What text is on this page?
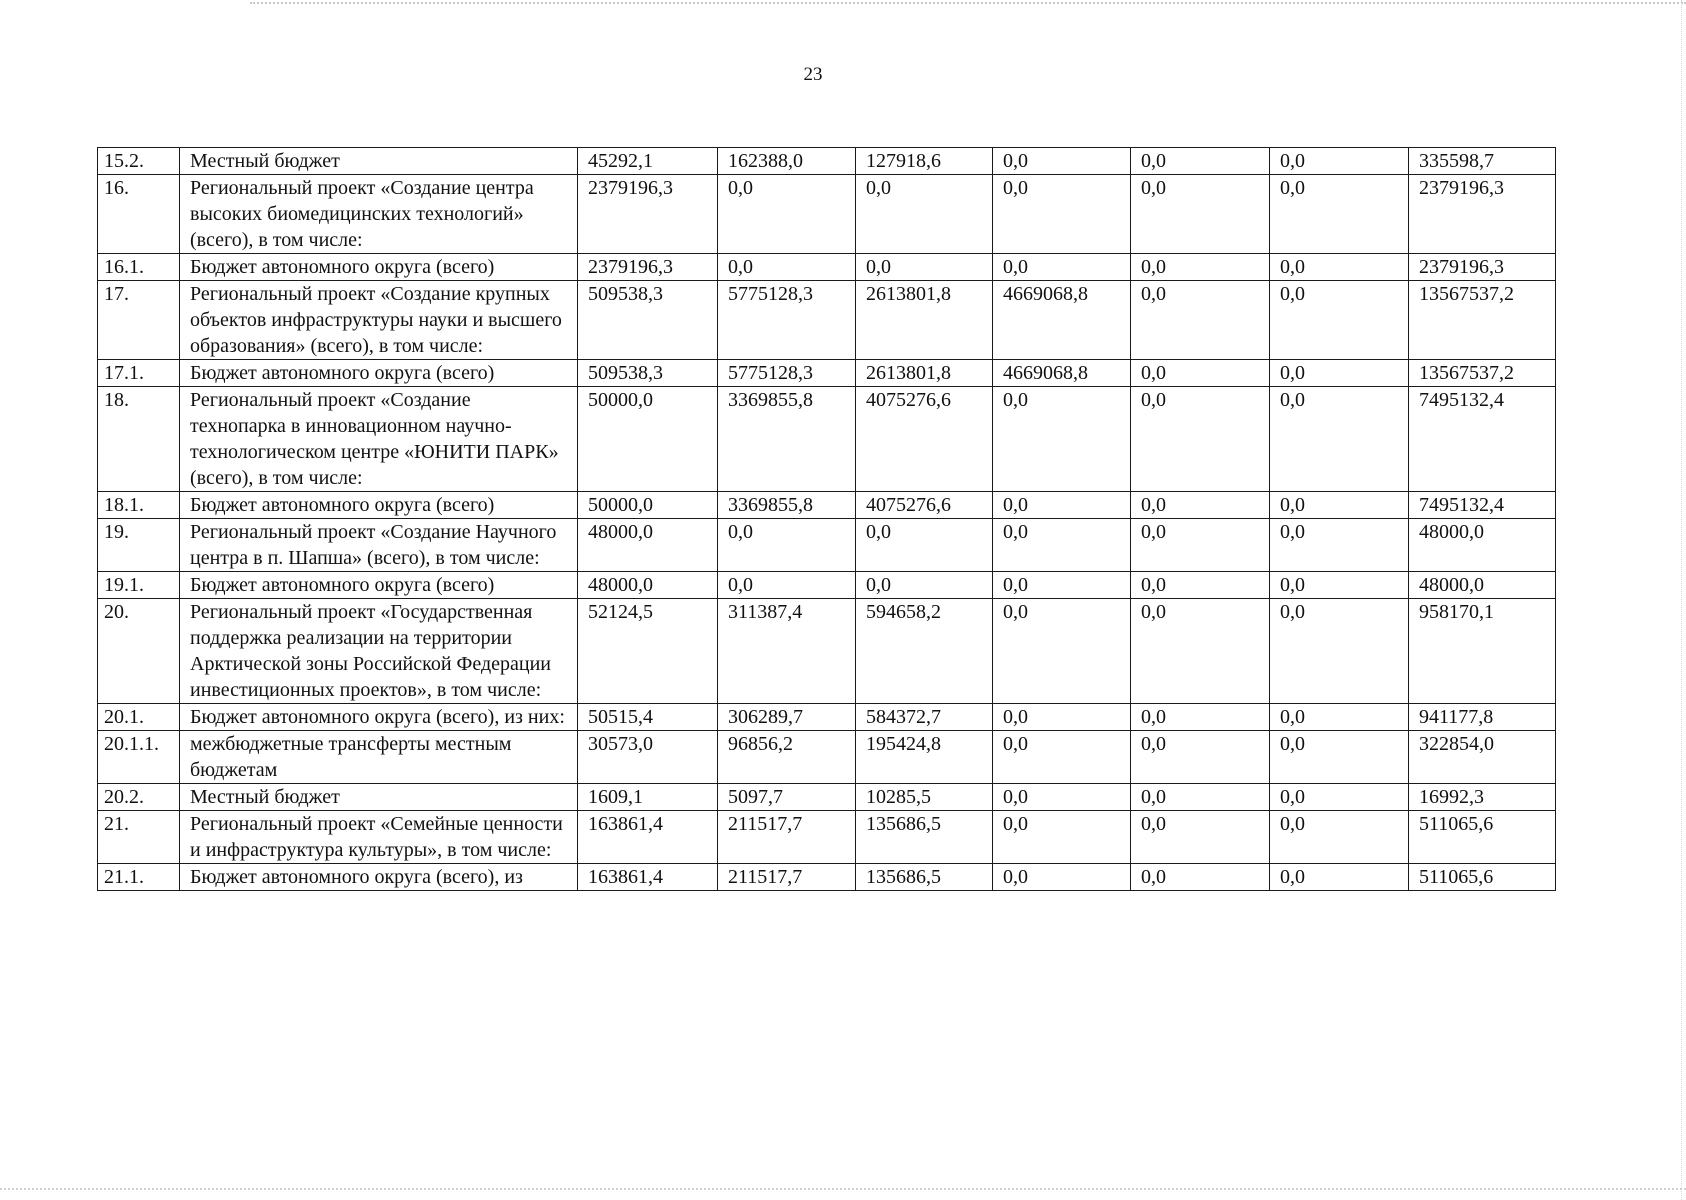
23
15.2.	Местный бюджет	45292,1	162388,0	127918,6	0,0	0,0	0,0	335598,7
16.	Региональный проект «Создание центра высоких биомедицинских технологий» (всего), в том числе:	2379196,3	0,0	0,0	0,0	0,0	0,0	2379196,3
16.1.	Бюджет автономного округа (всего)	2379196,3	0,0	0,0	0,0	0,0	0,0	2379196,3
17.	Региональный проект «Создание крупных объектов инфраструктуры науки и высшего образования» (всего), в том числе:	509538,3	5775128,3	2613801,8	4669068,8	0,0	0,0	13567537,2
17.1.	Бюджет автономного округа (всего)	509538,3	5775128,3	2613801,8	4669068,8	0,0	0,0	13567537,2
18.	Региональный проект «Создание технопарка в инновационном научно-технологическом центре «ЮНИТИ ПАРК» (всего), в том числе:	50000,0	3369855,8	4075276,6	0,0	0,0	0,0	7495132,4
18.1.	Бюджет автономного округа (всего)	50000,0	3369855,8	4075276,6	0,0	0,0	0,0	7495132,4
19.	Региональный проект «Создание Научного центра в п. Шапша» (всего), в том числе:	48000,0	0,0	0,0	0,0	0,0	0,0	48000,0
19.1.	Бюджет автономного округа (всего)	48000,0	0,0	0,0	0,0	0,0	0,0	48000,0
20.	Региональный проект «Государственная поддержка реализации на территории Арктической зоны Российской Федерации инвестиционных проектов», в том числе:	52124,5	311387,4	594658,2	0,0	0,0	0,0	958170,1
20.1.	Бюджет автономного округа (всего), из них:	50515,4	306289,7	584372,7	0,0	0,0	0,0	941177,8
20.1.1.	межбюджетные трансферты местным бюджетам	30573,0	96856,2	195424,8	0,0	0,0	0,0	322854,0
20.2.	Местный бюджет	1609,1	5097,7	10285,5	0,0	0,0	0,0	16992,3
21.	Региональный проект «Семейные ценности и инфраструктура культуры», в том числе:	163861,4	211517,7	135686,5	0,0	0,0	0,0	511065,6
21.1.	Бюджет автономного округа (всего), из	163861,4	211517,7	135686,5	0,0	0,0	0,0	511065,6
